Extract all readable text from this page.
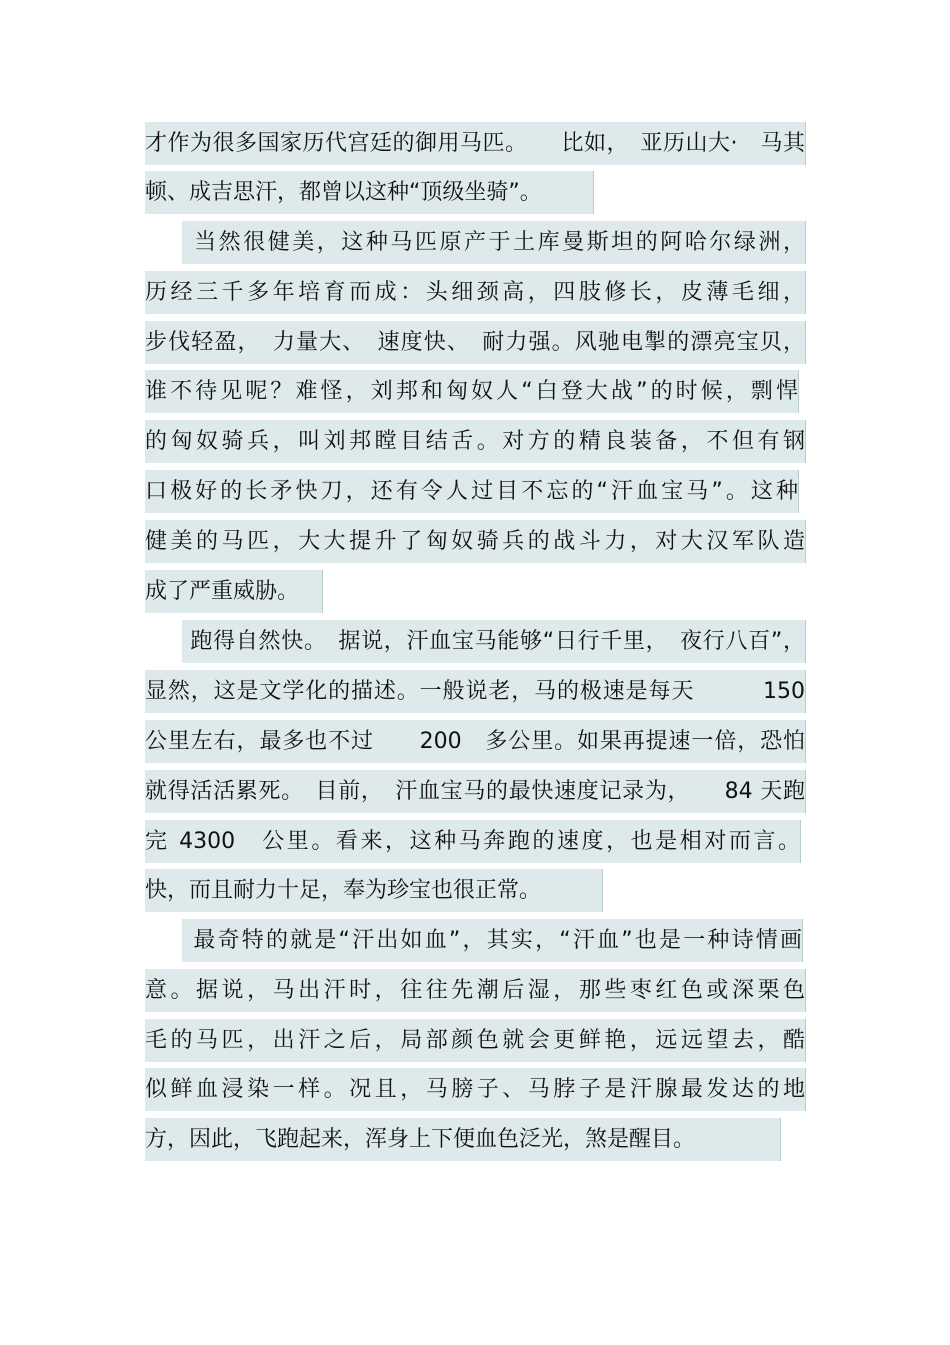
才作为很多国家历代宫廷的御用马匹。　　比如，　亚历山大·　马其
顿、成吉思汗，都曾以这种“顶级坐骑”。
　　当然很健美，这种马匹原产于土库曼斯坦的阿哈尔绿洲，
历经三千多年培育而成：头细颈高，四肢修长，皮薄毛细，
步伐轻盈，　力量大、　速度快、　耐力强。风驰电掣的漂亮宝贝，
谁不待见呢？难怪，刘邦和匈奴人“白登大战”的时候，剽悍
的匈奴骑兵，叫刘邦瞠目结舌。对方的精良装备，不但有钢
口极好的长矛快刀，还有令人过目不忘的“汗血宝马”。这种
健美的马匹，大大提升了匈奴骑兵的战斗力，对大汉军队造
成了严重威胁。
　　跑得自然快。　据说，汗血宝马能够“日行千里，　夜行八百”，
显然，这是文学化的描述。一般说老，马的极速是每天　　　150
公里左右，最多也不过　　200　多公里。如果再提速一倍，恐怕
就得活活累死。　目前，　汗血宝马的最快速度记录为，　　84 天跑
完 4300　公里。看来，这种马奔跑的速度，也是相对而言。
快，而且耐力十足，奉为珍宝也很正常。
　　最奇特的就是“汗出如血”，其实，“汗血”也是一种诗情画
意。据说，马出汗时，往往先潮后湿，那些枣红色或深栗色
毛的马匹，出汗之后，局部颜色就会更鲜艳，远远望去，酷
似鲜血浸染一样。况且，马膀子、马脖子是汗腺最发达的地
方，因此，飞跑起来，浑身上下便血色泛光，煞是醒目。
